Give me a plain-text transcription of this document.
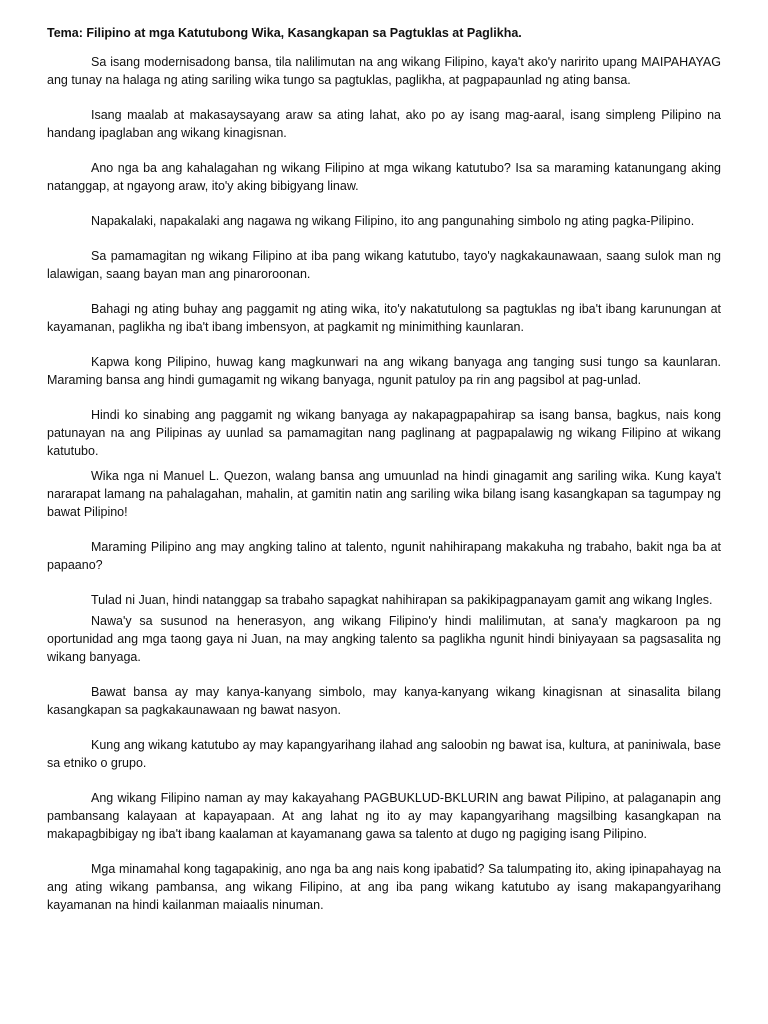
Tema: Filipino at mga Katutubong Wika, Kasangkapan sa Pagtuklas at Paglikha.

Sa isang modernisadong bansa, tila nalilimutan na ang wikang Filipino, kaya't ako'y naririto upang MAIPAHAYAG ang tunay na halaga ng ating sariling wika tungo sa pagtuklas, paglikha, at pagpapaunlad ng ating bansa.

Isang maalab at makasaysayang araw sa ating lahat, ako po ay isang mag-aaral, isang simpleng Pilipino na handang ipaglaban ang wikang kinagisnan.

Ano nga ba ang kahalagahan ng wikang Filipino at mga wikang katutubo? Isa sa maraming katanungang aking natanggap, at ngayong araw, ito'y aking bibigyang linaw.

Napakalaki, napakalaki ang nagawa ng wikang Filipino, ito ang pangunahing simbolo ng ating pagka-Pilipino.

Sa pamamagitan ng wikang Filipino at iba pang wikang katutubo, tayo'y nagkakaunawaan, saang sulok man ng lalawigan, saang bayan man ang pinaroroonan.

Bahagi ng ating buhay ang paggamit ng ating wika, ito'y nakatutulong sa pagtuklas ng iba't ibang karunungan at kayamanan, paglikha ng iba't ibang imbensyon, at pagkamit ng minimithing kaunlaran.

Kapwa kong Pilipino, huwag kang magkunwari na ang wikang banyaga ang tanging susi tungo sa kaunlaran. Maraming bansa ang hindi gumagamit ng wikang banyaga, ngunit patuloy pa rin ang pagsibol at pag-unlad.

Hindi ko sinabing ang paggamit ng wikang banyaga ay nakapagpapahirap sa isang bansa, bagkus, nais kong patunayan na ang Pilipinas ay uunlad sa pamamagitan nang paglinang at pagpapalawig ng wikang Filipino at wikang katutubo.

Wika nga ni Manuel L. Quezon, walang bansa ang umuunlad na hindi ginagamit ang sariling wika. Kung kaya't nararapat lamang na pahalagahan, mahalin, at gamitin natin ang sariling wika bilang isang kasangkapan sa tagumpay ng bawat Pilipino!

Maraming Pilipino ang may angking talino at talento, ngunit nahihirapang makakuha ng trabaho, bakit nga ba at papaano?

Tulad ni Juan, hindi natanggap sa trabaho sapagkat nahihirapan sa pakikipagpanayam gamit ang wikang Ingles.

Nawa'y sa susunod na henerasyon, ang wikang Filipino'y hindi malilimutan, at sana'y magkaroon pa ng oportunidad ang mga taong gaya ni Juan, na may angking talento sa paglikha ngunit hindi biniyayaan sa pagsasalita ng wikang banyaga.

Bawat bansa ay may kanya-kanyang simbolo, may kanya-kanyang wikang kinagisnan at sinasalita bilang kasangkapan sa pagkakaunawaan ng bawat nasyon.

Kung ang wikang katutubo ay may kapangyarihang ilahad ang saloobin ng bawat isa, kultura, at paniniwala, base sa etniko o grupo.

Ang wikang Filipino naman ay may kakayahang PAGBUKLUD-BKLURIN ang bawat Pilipino, at palaganapin ang pambansang kalayaan at kapayapaan. At ang lahat ng ito ay may kapangyarihang magsilbing kasangkapan na makapagbibigay ng iba't ibang kaalaman at kayamanang gawa sa talento at dugo ng pagiging isang Pilipino.

Mga minamahal kong tagapakinig, ano nga ba ang nais kong ipabatid? Sa talumpating ito, aking ipinapahayag na ang ating wikang pambansa, ang wikang Filipino, at ang iba pang wikang katutubo ay isang makapangyarihang kayamanan na hindi kailanman maiaalis ninuman.
